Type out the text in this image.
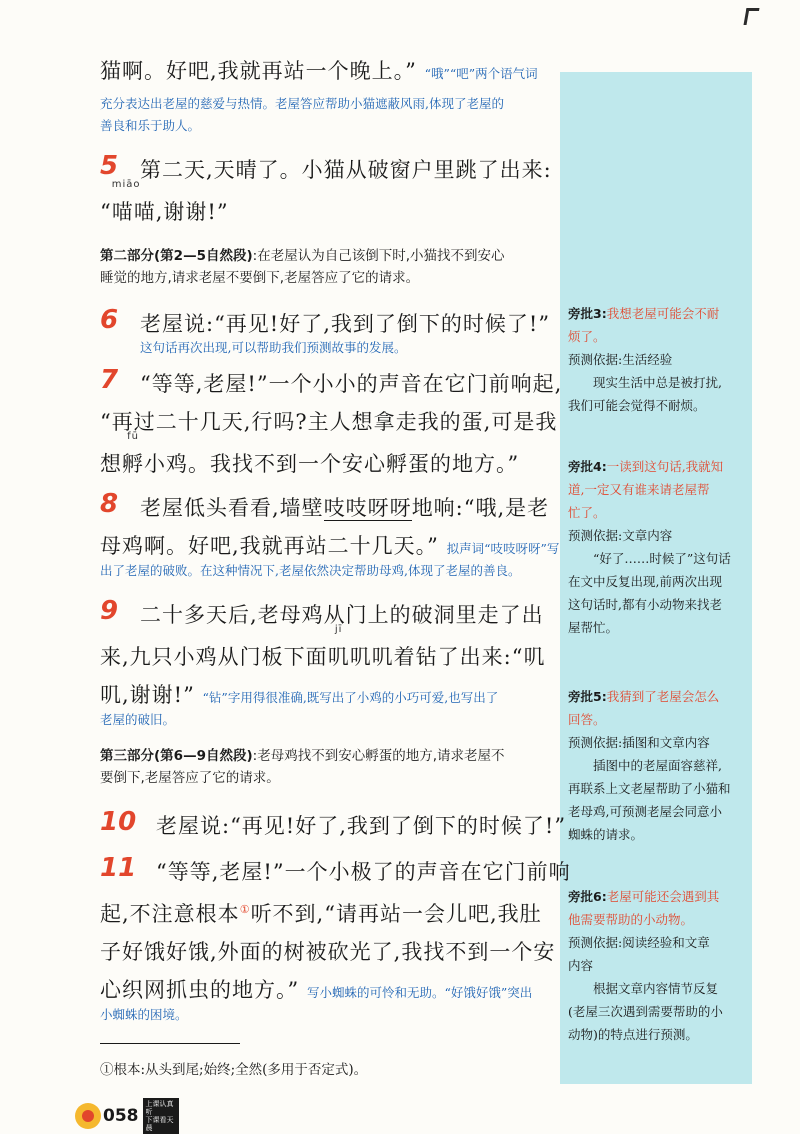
猫啊。好吧,我就再站一个晚上。” “哦”“吧”两个语气词
充分表达出老屋的慈爱与热情。老屋答应帮助小猫遮蔽风雨,体现了老屋的
善良和乐于助人。
5	第二天,天晴了。小猫从破窗户里跳了出来:
“
miāo
喵喵,谢谢!”
第二部分(第2—5自然段):在老屋认为自己该倒下时,小猫找不到安心
睡觉的地方,请求老屋不要倒下,老屋答应了它的请求。
6	老屋说:“再见!好了,我到了倒下的时候了!”
这句话再次出现,可以帮助我们预测故事的发展。
7	“等等,老屋!”一个小小的声音在它门前响起,
“再过二十几天,行吗?主人想拿走我的蛋,可是我
想
fū
孵小鸡。我找不到一个安心孵蛋的地方。”
8	老屋低头看看,墙壁吱吱呀呀地响:“哦,是老
母鸡啊。好吧,我就再站二十几天。” 拟声词“吱吱呀呀”写
出了老屋的破败。在这种情况下,老屋依然决定帮助母鸡,体现了老屋的善良。
9	二十多天后,老母鸡从门上的破洞里走了出
来,九只小鸡从门板下面
jī
叽叽叽着钻了出来:“叽
叽,谢谢!” “钻”字用得很准确,既写出了小鸡的小巧可爱,也写出了
老屋的破旧。
第三部分(第6—9自然段):老母鸡找不到安心孵蛋的地方,请求老屋不
要倒下,老屋答应了它的请求。
10 老屋说:“再见!好了,我到了倒下的时候了!”
11 “等等,老屋!”一个小极了的声音在它门前响
起,不注意根本①听不到,“请再站一会儿吧,我肚
子好饿好饿,外面的树被砍光了,我找不到一个安
心织网抓虫的地方。” 写小蜘蛛的可怜和无助。“好饿好饿”突出
小蜘蛛的困境。
旁批3:我想老屋可能会不耐
烦了。
预测依据:生活经验
现实生活中总是被打扰,
我们可能会觉得不耐烦。
旁批4:一读到这句话,我就知
道,一定又有谁来请老屋帮
忙了。
预测依据:文章内容
“好了……时候了”这句话
在文中反复出现,前两次出现
这句话时,都有小动物来找老
屋帮忙。
旁批5:我猜到了老屋会怎么
回答。
预测依据:插图和文章内容
插图中的老屋面容慈祥,
再联系上文老屋帮助了小猫和
老母鸡,可预测老屋会同意小
蜘蛛的请求。
旁批6:老屋可能还会遇到其
他需要帮助的小动物。
预测依据:阅读经验和文章
内容
根据文章内容情节反复
(老屋三次遇到需要帮助的小
动物)的特点进行预测。
①根本:从头到尾;始终;全然(多用于否定式)。
058
上课认真听
下课看天晨
